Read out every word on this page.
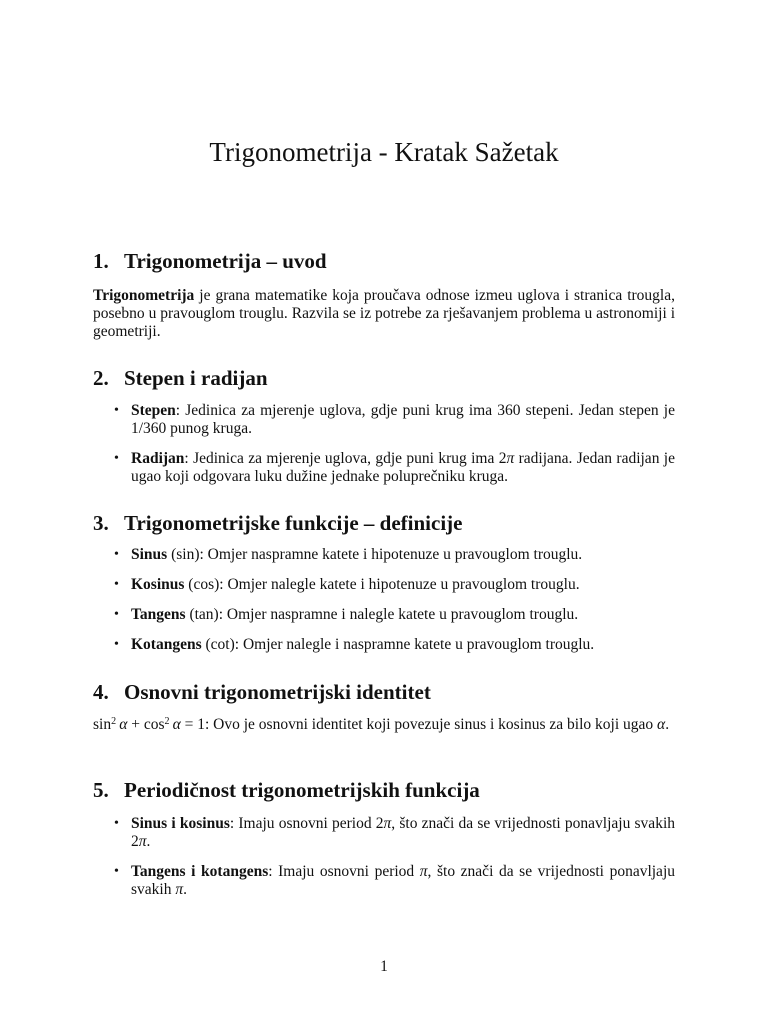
Trigonometrija - Kratak Sažetak
1. Trigonometrija – uvod

Trigonometrija je grana matematike koja proučava odnose izmeu uglova i stranica trougla, posebno u pravouglom trouglu. Razvila se iz potrebe za rješavanjem problema u astronomiji i geometriji.

2. Stepen i radijan
• Stepen: Jedinica za mjerenje uglova, gdje puni krug ima 360 stepeni. Jedan stepen je 1/360 punog kruga.
• Radijan: Jedinica za mjerenje uglova, gdje puni krug ima 2π radijana. Jedan radijan je ugao koji odgovara luku dužine jednake poluprečniku kruga.
3. Trigonometrijske funkcije – definicije
• Sinus (sin): Omjer naspramne katete i hipotenuze u pravouglom trouglu.
• Kosinus (cos): Omjer nalegle katete i hipotenuze u pravouglom trouglu.
• Tangens (tan): Omjer naspramne i nalegle katete u pravouglom trouglu.
• Kotangens (cot): Omjer nalegle i naspramne katete u pravouglom trouglu.
4. Osnovni trigonometrijski identitet

$\sin^2 \alpha + \cos^2 \alpha = 1$: Ovo je osnovni identitet koji povezuje sinus i kosinus za bilo koji ugao α.

5. Periodičnost trigonometrijskih funkcija
• Sinus i kosinus: Imaju osnovni period 2π, što znači da se vrijednosti ponavljaju svakih 2π.
• Tangens i kotangens: Imaju osnovni period π, što znači da se vrijednosti ponavljaju svakih π.
1
